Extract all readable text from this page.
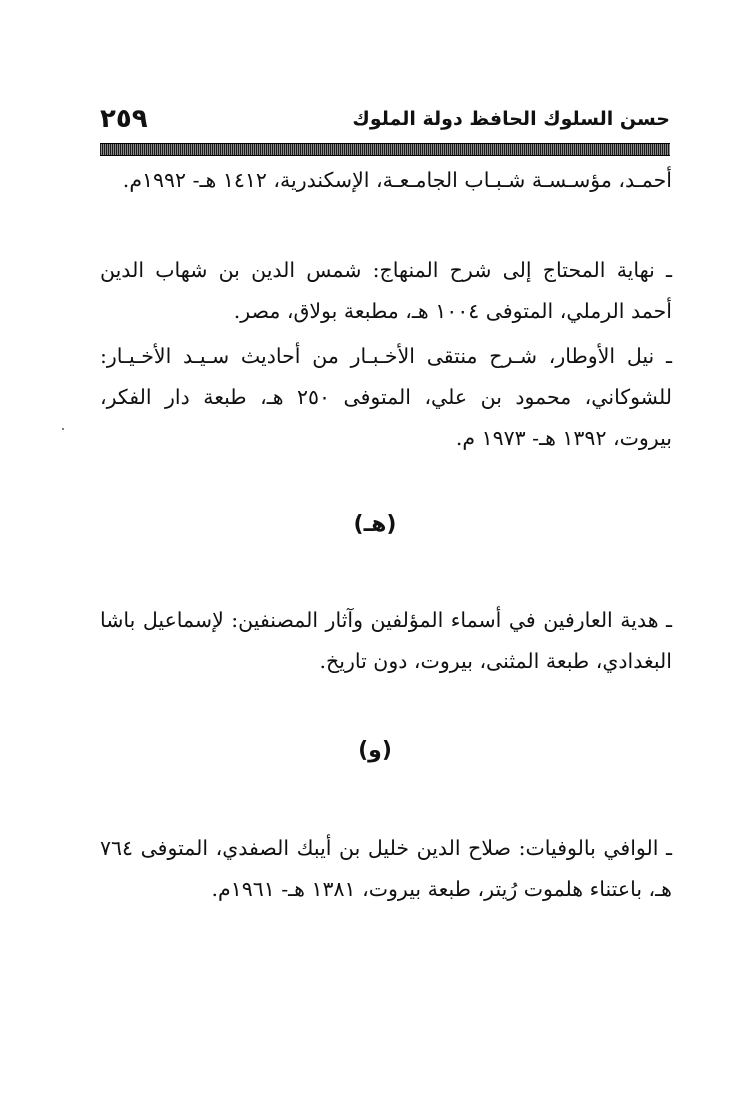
حسن السلوك الحافظ دولة الملوك
٢٥٩

أحمـد، مؤسـسـة شـبـاب الجامـعـة، الإسكندرية، ١٤١٢ هـ- ١٩٩٢م.

ـ نهاية المحتاج إلى شرح المنهاج: شمس الدين بن شهاب الدين أحمد الرملي، المتوفى ١٠٠٤ هـ، مطبعة بولاق، مصر.

ـ نيل الأوطار، شـرح منتقى الأخـبـار من أحاديث سـيـد الأخـيـار: للشوكاني، محمود بن علي، المتوفى ٢٥٠ هـ، طبعة دار الفكر، بيروت، ١٣٩٢ هـ- ١٩٧٣ م.

(هـ)

ـ هدية العارفين في أسماء المؤلفين وآثار المصنفين: لإسماعيل باشا البغدادي، طبعة المثنى، بيروت، دون تاريخ.

(و)

ـ الوافي بالوفيات: صلاح الدين خليل بن أيبك الصفدي، المتوفى ٧٦٤ هـ، باعتناء هلموت رُيتر، طبعة بيروت، ١٣٨١ هـ- ١٩٦١م.
